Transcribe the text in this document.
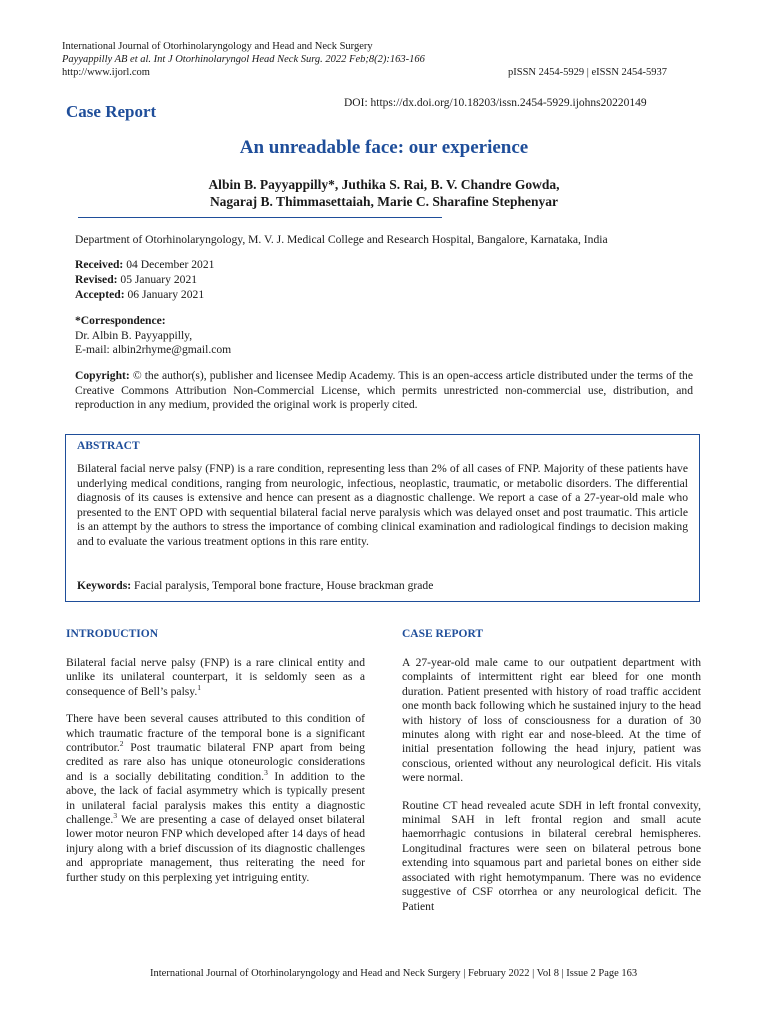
International Journal of Otorhinolaryngology and Head and Neck Surgery
Payyappilly AB et al. Int J Otorhinolaryngol Head Neck Surg. 2022 Feb;8(2):163-166
http://www.ijorl.com	pISSN 2454-5929 | eISSN 2454-5937
DOI: https://dx.doi.org/10.18203/issn.2454-5929.ijohns20220149
Case Report
An unreadable face: our experience
Albin B. Payyappilly*, Juthika S. Rai, B. V. Chandre Gowda,
Nagaraj B. Thimmasettaiah, Marie C. Sharafine Stephenyar
Department of Otorhinolaryngology, M. V. J. Medical College and Research Hospital, Bangalore, Karnataka, India
Received: 04 December 2021
Revised: 05 January 2021
Accepted: 06 January 2021
*Correspondence:
Dr. Albin B. Payyappilly,
E-mail: albin2rhyme@gmail.com
Copyright: © the author(s), publisher and licensee Medip Academy. This is an open-access article distributed under the terms of the Creative Commons Attribution Non-Commercial License, which permits unrestricted non-commercial use, distribution, and reproduction in any medium, provided the original work is properly cited.
ABSTRACT
Bilateral facial nerve palsy (FNP) is a rare condition, representing less than 2% of all cases of FNP. Majority of these patients have underlying medical conditions, ranging from neurologic, infectious, neoplastic, traumatic, or metabolic disorders. The differential diagnosis of its causes is extensive and hence can present as a diagnostic challenge. We report a case of a 27-year-old male who presented to the ENT OPD with sequential bilateral facial nerve paralysis which was delayed onset and post traumatic. This article is an attempt by the authors to stress the importance of combing clinical examination and radiological findings to decision making and to evaluate the various treatment options in this rare entity.
Keywords: Facial paralysis, Temporal bone fracture, House brackman grade
INTRODUCTION

Bilateral facial nerve palsy (FNP) is a rare clinical entity and unlike its unilateral counterpart, it is seldomly seen as a consequence of Bell’s palsy.$^1$

There have been several causes attributed to this condition of which traumatic fracture of the temporal bone is a significant contributor.$^2$ Post traumatic bilateral FNP apart from being credited as rare also has unique otoneurologic considerations and is a socially debilitating condition.$^3$ In addition to the above, the lack of facial asymmetry which is typically present in unilateral facial paralysis makes this entity a diagnostic challenge.$^3$ We are presenting a case of delayed onset bilateral lower motor neuron FNP which developed after 14 days of head injury along with a brief discussion of its diagnostic challenges and appropriate management, thus reiterating the need for further study on this perplexing yet intriguing entity.

CASE REPORT

A 27-year-old male came to our outpatient department with complaints of intermittent right ear bleed for one month duration. Patient presented with history of road traffic accident one month back following which he sustained injury to the head with history of loss of consciousness for a duration of 30 minutes along with right ear and nose-bleed. At the time of initial presentation following the head injury, patient was conscious, oriented without any neurological deficit. His vitals were normal.

Routine CT head revealed acute SDH in left frontal convexity, minimal SAH in left frontal region and small acute haemorrhagic contusions in bilateral cerebral hemispheres. Longitudinal fractures were seen on bilateral petrous bone extending into squamous part and parietal bones on either side associated with right hemotympanum. There was no evidence suggestive of CSF otorrhea or any neurological deficit. The Patient

International Journal of Otorhinolaryngology and Head and Neck Surgery | February 2022 | Vol 8 | Issue 2 Page 163
